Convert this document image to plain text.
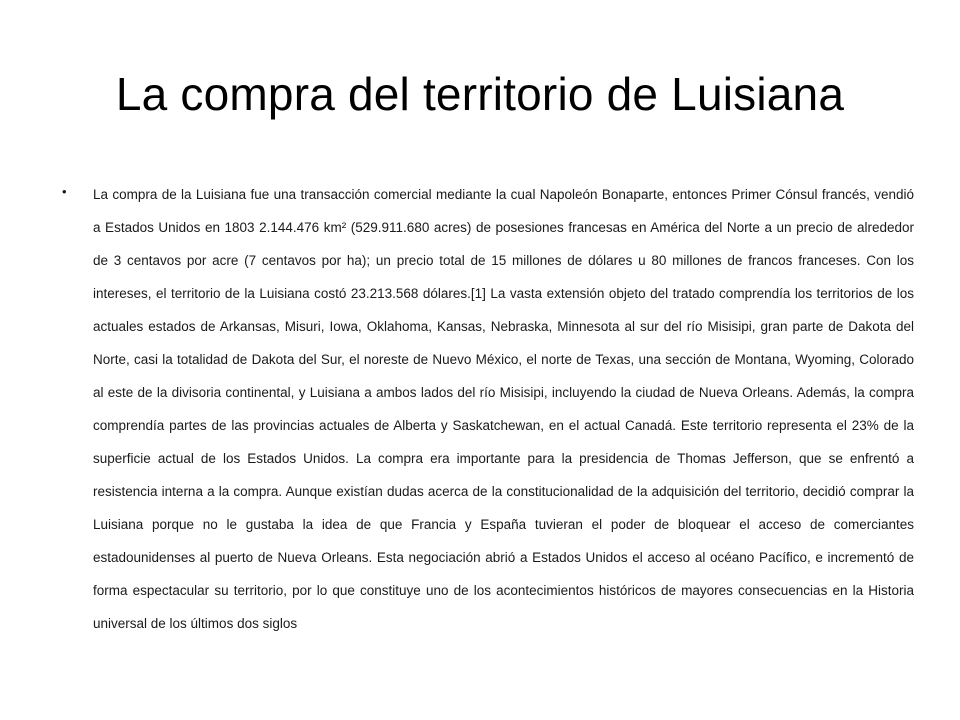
La compra del territorio de Luisiana
• La compra de la Luisiana fue una transacción comercial mediante la cual Napoleón Bonaparte, entonces Primer Cónsul francés, vendió a Estados Unidos en 1803 2.144.476 km² (529.911.680 acres) de posesiones francesas en América del Norte a un precio de alrededor de 3 centavos por acre (7 centavos por ha); un precio total de 15 millones de dólares u 80 millones de francos franceses. Con los intereses, el territorio de la Luisiana costó 23.213.568 dólares.[1] La vasta extensión objeto del tratado comprendía los territorios de los actuales estados de Arkansas, Misuri, Iowa, Oklahoma, Kansas, Nebraska, Minnesota al sur del río Misisipi, gran parte de Dakota del Norte, casi la totalidad de Dakota del Sur, el noreste de Nuevo México, el norte de Texas, una sección de Montana, Wyoming, Colorado al este de la divisoria continental, y Luisiana a ambos lados del río Misisipi, incluyendo la ciudad de Nueva Orleans. Además, la compra comprendía partes de las provincias actuales de Alberta y Saskatchewan, en el actual Canadá. Este territorio representa el 23% de la superficie actual de los Estados Unidos. La compra era importante para la presidencia de Thomas Jefferson, que se enfrentó a resistencia interna a la compra. Aunque existían dudas acerca de la constitucionalidad de la adquisición del territorio, decidió comprar la Luisiana porque no le gustaba la idea de que Francia y España tuvieran el poder de bloquear el acceso de comerciantes estadounidenses al puerto de Nueva Orleans. Esta negociación abrió a Estados Unidos el acceso al océano Pacífico, e incrementó de forma espectacular su territorio, por lo que constituye uno de los acontecimientos históricos de mayores consecuencias en la Historia universal de los últimos dos siglos
